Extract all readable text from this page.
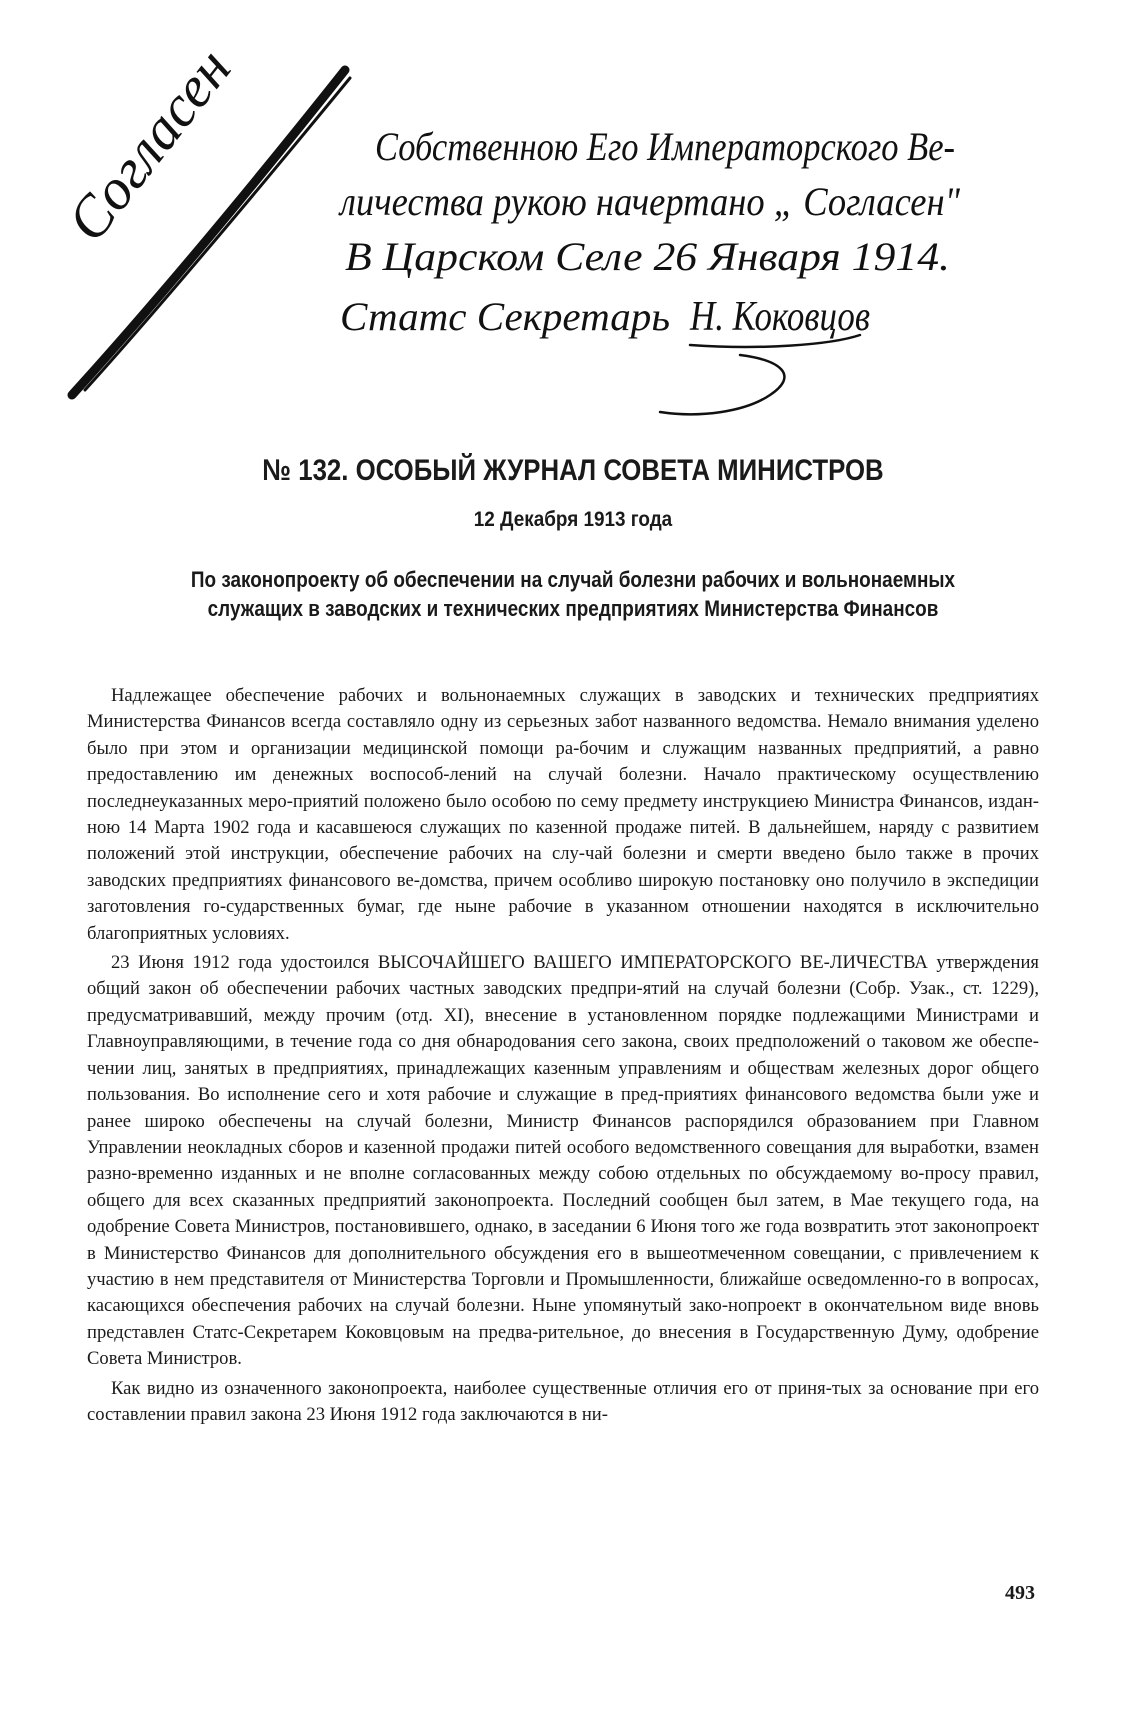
Согласен	Собственною Его Императорского Ве-
личества рукою начертано „ Согласен"
В Царском Селе 26 Января 1914.
Статс Секретарь Н. Коковцов
№ 132. ОСОБЫЙ ЖУРНАЛ СОВЕТА МИНИСТРОВ
12 Декабря 1913 года
По законопроекту об обеспечении на случай болезни рабочих и вольнонаемных
служащих в заводских и технических предприятиях Министерства Финансов

Надлежащее обеспечение рабочих и вольнонаемных служащих в заводских и технических предприятиях Министерства Финансов всегда составляло одну из серьезных забот названного ведомства. Немало внимания уделено было при этом и организации медицинской помощи ра-бочим и служащим названных предприятий, а равно предоставлению им денежных воспособ-лений на случай болезни. Начало практическому осуществлению последнеуказанных меро-приятий положено было особою по сему предмету инструкциею Министра Финансов, издан-ною 14 Марта 1902 года и касавшеюся служащих по казенной продаже питей. В дальнейшем, наряду с развитием положений этой инструкции, обеспечение рабочих на слу-чай болезни и смерти введено было также в прочих заводских предприятиях финансового ве-домства, причем особливо широкую постановку оно получило в экспедиции заготовления го-сударственных бумаг, где ныне рабочие в указанном отношении находятся в исключительно благоприятных условиях.

23 Июня 1912 года удостоился ВЫСОЧАЙШЕГО ВАШЕГО ИМПЕРАТОРСКОГО ВЕ-ЛИЧЕСТВА утверждения общий закон об обеспечении рабочих частных заводских предпри-ятий на случай болезни (Собр. Узак., ст. 1229), предусматривавший, между прочим (отд. XI), внесение в установленном порядке подлежащими Министрами и Главноуправляющими, в течение года со дня обнародования сего закона, своих предположений о таковом же обеспе-чении лиц, занятых в предприятиях, принадлежащих казенным управлениям и обществам железных дорог общего пользования. Во исполнение сего и хотя рабочие и служащие в пред-приятиях финансового ведомства были уже и ранее широко обеспечены на случай болезни, Министр Финансов распорядился образованием при Главном Управлении неокладных сборов и казенной продажи питей особого ведомственного совещания для выработки, взамен разно-временно изданных и не вполне согласованных между собою отдельных по обсуждаемому во-просу правил, общего для всех сказанных предприятий законопроекта. Последний сообщен был затем, в Мае текущего года, на одобрение Совета Министров, постановившего, однако, в заседании 6 Июня того же года возвратить этот законопроект в Министерство Финансов для дополнительного обсуждения его в вышеотмеченном совещании, с привлечением к участию в нем представителя от Министерства Торговли и Промышленности, ближайше осведомленно-го в вопросах, касающихся обеспечения рабочих на случай болезни. Ныне упомянутый зако-нопроект в окончательном виде вновь представлен Статс-Секретарем Коковцовым на предва-рительное, до внесения в Государственную Думу, одобрение Совета Министров.

Как видно из означенного законопроекта, наиболее существенные отличия его от приня-тых за основание при его составлении правил закона 23 Июня 1912 года заключаются в ни-

493
